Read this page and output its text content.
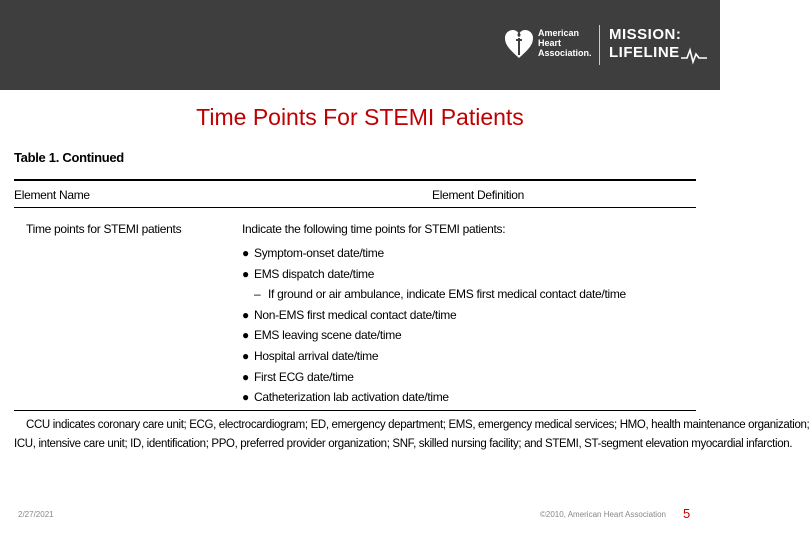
American
Heart
Association.
MISSION:
LIFELINE
Time Points For STEMI Patients
Table 1. Continued
Element Name	Element Definition
Time points for STEMI patients	Indicate the following time points for STEMI patients:
● Symptom-onset date/time
● EMS dispatch date/time
– If ground or air ambulance, indicate EMS first medical contact date/time
● Non-EMS first medical contact date/time
● EMS leaving scene date/time
● Hospital arrival date/time
● First ECG date/time
● Catheterization lab activation date/time
CCU indicates coronary care unit; ECG, electrocardiogram; ED, emergency department; EMS, emergency medical services; HMO, health maintenance organization;
ICU, intensive care unit; ID, identification; PPO, preferred provider organization; SNF, skilled nursing facility; and STEMI, ST-segment elevation myocardial infarction.
2/27/2021	©2010, American Heart Association 5
